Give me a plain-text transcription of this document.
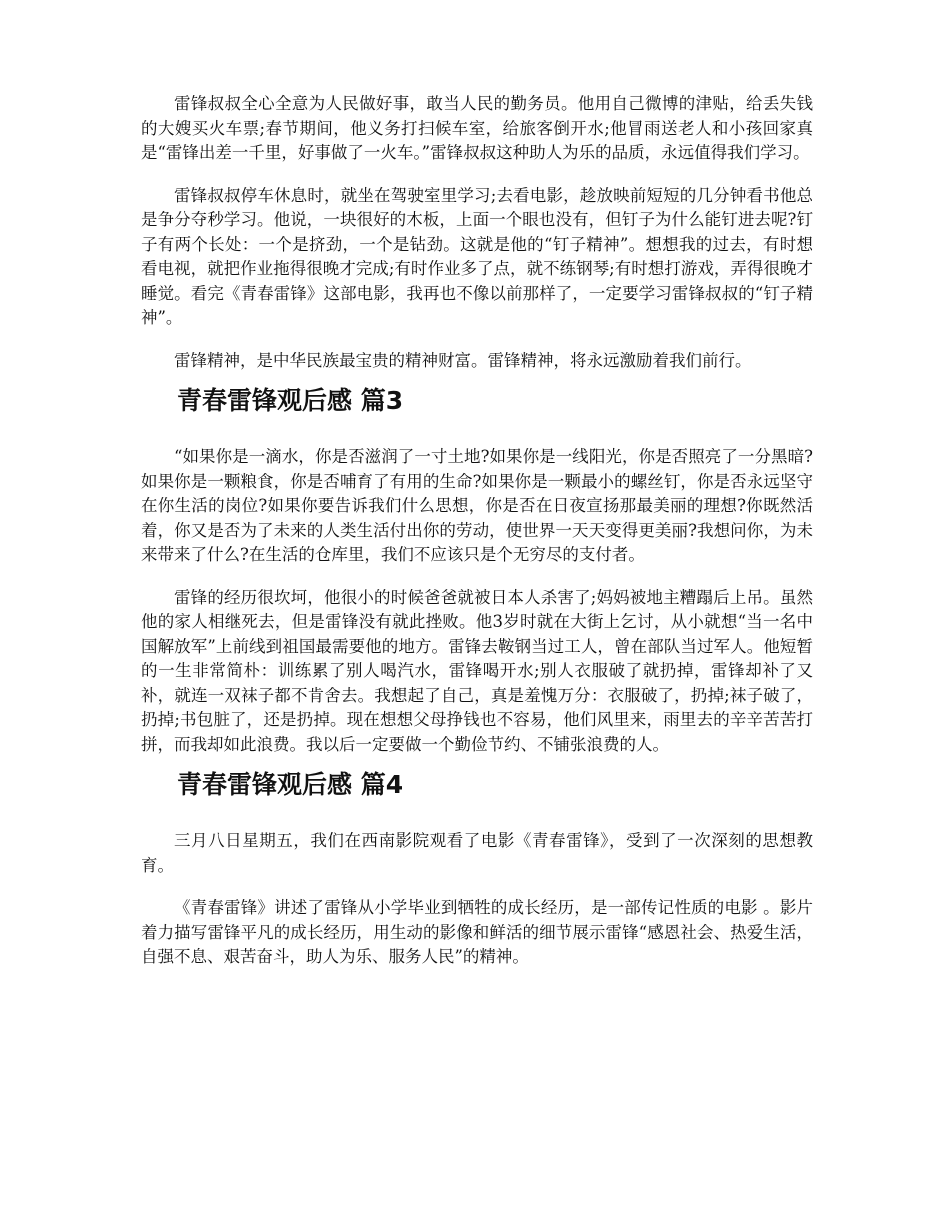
雷锋叔叔全心全意为人民做好事，敢当人民的勤务员。他用自己微博的津贴，给丢失钱的大嫂买火车票;春节期间，他义务打扫候车室，给旅客倒开水;他冒雨送老人和小孩回家真是“雷锋出差一千里，好事做了一火车。”雷锋叔叔这种助人为乐的品质，永远值得我们学习。

雷锋叔叔停车休息时，就坐在驾驶室里学习;去看电影，趁放映前短短的几分钟看书他总是争分夺秒学习。他说，一块很好的木板，上面一个眼也没有，但钉子为什么能钉进去呢?钉子有两个长处：一个是挤劲，一个是钻劲。这就是他的“钉子精神”。想想我的过去，有时想看电视，就把作业拖得很晚才完成;有时作业多了点，就不练钢琴;有时想打游戏，弄得很晚才睡觉。看完《青春雷锋》这部电影，我再也不像以前那样了，一定要学习雷锋叔叔的“钉子精神”。

雷锋精神，是中华民族最宝贵的精神财富。雷锋精神，将永远激励着我们前行。

青春雷锋观后感 篇3

“如果你是一滴水，你是否滋润了一寸土地?如果你是一线阳光，你是否照亮了一分黑暗?如果你是一颗粮食，你是否哺育了有用的生命?如果你是一颗最小的螺丝钉，你是否永远坚守在你生活的岗位?如果你要告诉我们什么思想，你是否在日夜宣扬那最美丽的理想?你既然活着，你又是否为了未来的人类生活付出你的劳动，使世界一天天变得更美丽?我想问你，为未来带来了什么?在生活的仓库里，我们不应该只是个无穷尽的支付者。

雷锋的经历很坎坷，他很小的时候爸爸就被日本人杀害了;妈妈被地主糟蹋后上吊。虽然他的家人相继死去，但是雷锋没有就此挫败。他3岁时就在大街上乞讨，从小就想“当一名中国解放军”上前线到祖国最需要他的地方。雷锋去鞍钢当过工人，曾在部队当过军人。他短暂的一生非常简朴：训练累了别人喝汽水，雷锋喝开水;别人衣服破了就扔掉，雷锋却补了又补，就连一双袜子都不肯舍去。我想起了自己，真是羞愧万分：衣服破了，扔掉;袜子破了，扔掉;书包脏了，还是扔掉。现在想想父母挣钱也不容易，他们风里来，雨里去的辛辛苦苦打拼，而我却如此浪费。我以后一定要做一个勤俭节约、不铺张浪费的人。

青春雷锋观后感 篇4

三月八日星期五，我们在西南影院观看了电影《青春雷锋》，受到了一次深刻的思想教育。

《青春雷锋》讲述了雷锋从小学毕业到牺牲的成长经历，是一部传记性质的电影 。影片着力描写雷锋平凡的成长经历，用生动的影像和鲜活的细节展示雷锋“感恩社会、热爱生活，自强不息、艰苦奋斗，助人为乐、服务人民”的精神。
